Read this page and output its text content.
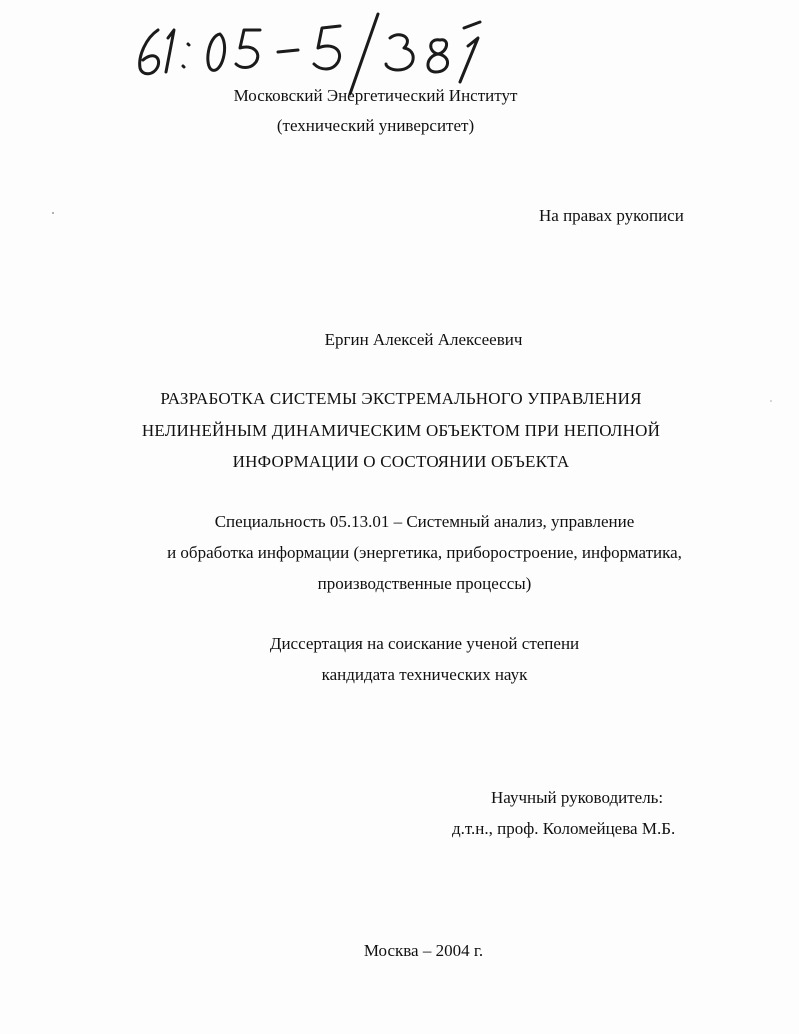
Московский Энергетический Институт
(технический университет)
На правах рукописи
Ергин Алексей Алексеевич
РАЗРАБОТКА СИСТЕМЫ ЭКСТРЕМАЛЬНОГО УПРАВЛЕНИЯ
НЕЛИНЕЙНЫМ ДИНАМИЧЕСКИМ ОБЪЕКТОМ ПРИ НЕПОЛНОЙ
ИНФОРМАЦИИ О СОСТОЯНИИ ОБЪЕКТА
Специальность 05.13.01 – Системный анализ, управление
и обработка информации (энергетика, приборостроение, информатика,
производственные процессы)
Диссертация на соискание ученой степени
кандидата технических наук
Научный руководитель:
д.т.н., проф. Коломейцева М.Б.
Москва – 2004 г.
